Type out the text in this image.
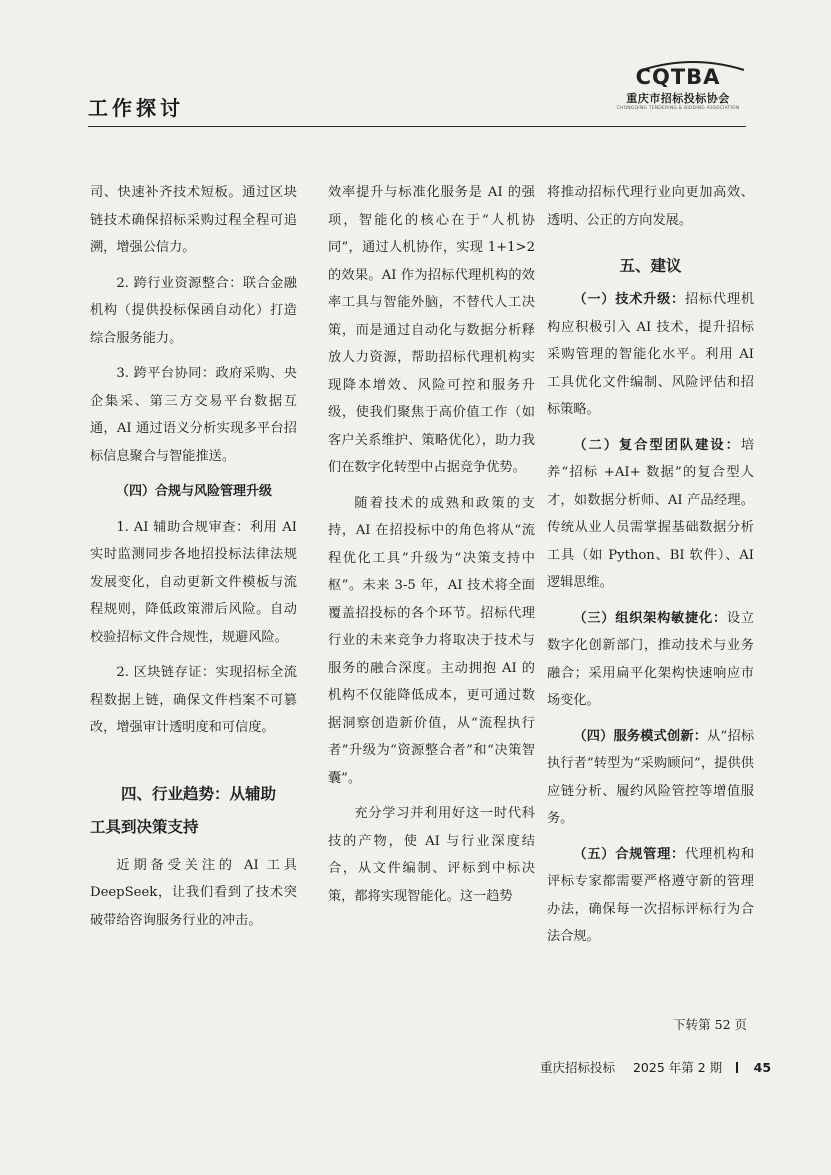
工作探讨
CQTBA
重庆市招标投标协会
CHONGQING TENDERING & BIDDING ASSOCIATION

司、快速补齐技术短板。通过区块链技术确保招标采购过程全程可追溯，增强公信力。

2. 跨行业资源整合：联合金融机构（提供投标保函自动化）打造综合服务能力。

3. 跨平台协同：政府采购、央企集采、第三方交易平台数据互通，AI 通过语义分析实现多平台招标信息聚合与智能推送。

（四）合规与风险管理升级

1. AI 辅助合规审查：利用 AI 实时监测同步各地招投标法律法规发展变化，自动更新文件模板与流程规则，降低政策滞后风险。自动校验招标文件合规性，规避风险。

2. 区块链存证：实现招标全流程数据上链，确保文件档案不可篡改，增强审计透明度和可信度。

四、行业趋势：从辅助

工具到决策支持

近期备受关注的 AI 工具 DeepSeek，让我们看到了技术突破带给咨询服务行业的冲击。

效率提升与标准化服务是 AI 的强项，智能化的核心在于“人机协同”，通过人机协作，实现 1+1>2 的效果。AI 作为招标代理机构的效率工具与智能外脑，不替代人工决策，而是通过自动化与数据分析释放人力资源，帮助招标代理机构实现降本增效、风险可控和服务升级，使我们聚焦于高价值工作（如客户关系维护、策略优化），助力我们在数字化转型中占据竞争优势。

随着技术的成熟和政策的支持，AI 在招投标中的角色将从“流程优化工具”升级为“决策支持中枢”。未来 3-5 年，AI 技术将全面覆盖招投标的各个环节。招标代理行业的未来竞争力将取决于技术与服务的融合深度。主动拥抱 AI 的机构不仅能降低成本，更可通过数据洞察创造新价值，从“流程执行者”升级为“资源整合者”和“决策智囊”。

充分学习并利用好这一时代科技的产物，使 AI 与行业深度结合，从文件编制、评标到中标决策，都将实现智能化。这一趋势

将推动招标代理行业向更加高效、透明、公正的方向发展。

五、建议

（一）技术升级：招标代理机构应积极引入 AI 技术，提升招标采购管理的智能化水平。利用 AI 工具优化文件编制、风险评估和招标策略。

（二）复合型团队建设：培养“招标 +AI+ 数据”的复合型人才，如数据分析师、AI 产品经理。传统从业人员需掌握基础数据分析工具（如 Python、BI 软件）、AI 逻辑思维。

（三）组织架构敏捷化：设立数字化创新部门，推动技术与业务融合；采用扁平化架构快速响应市场变化。

（四）服务模式创新：从“招标执行者”转型为“采购顾问”，提供供应链分析、履约风险管控等增值服务。

（五）合规管理：代理机构和评标专家都需要严格遵守新的管理办法，确保每一次招标评标行为合法合规。

下转第 52 页
重庆招标投标 2025 年第 2 期	45
